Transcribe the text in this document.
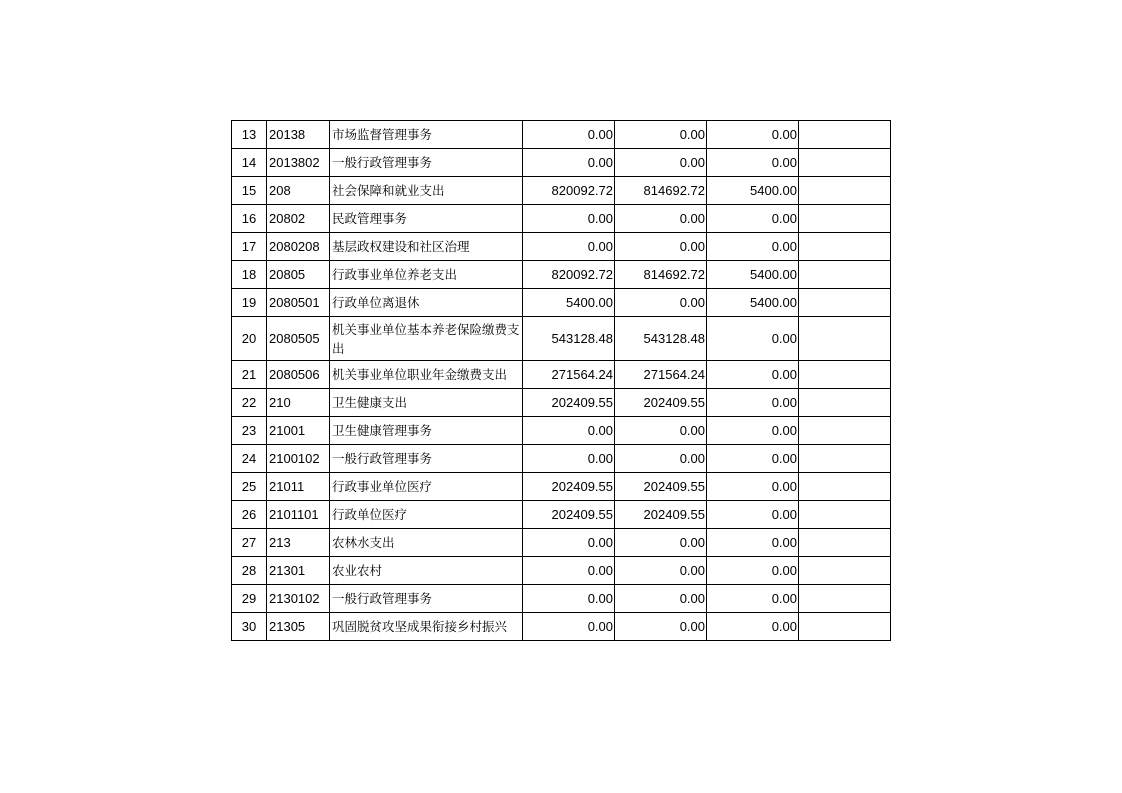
13	20138	市场监督管理事务	0.00	0.00	0.00	
14	2013802	一般行政管理事务	0.00	0.00	0.00	
15	208	社会保障和就业支出	820092.72	814692.72	5400.00	
16	20802	民政管理事务	0.00	0.00	0.00	
17	2080208	基层政权建设和社区治理	0.00	0.00	0.00	
18	20805	行政事业单位养老支出	820092.72	814692.72	5400.00	
19	2080501	行政单位离退休	5400.00	0.00	5400.00	
20	2080505	机关事业单位基本养老保险缴费支出	543128.48	543128.48	0.00	
21	2080506	机关事业单位职业年金缴费支出	271564.24	271564.24	0.00	
22	210	卫生健康支出	202409.55	202409.55	0.00	
23	21001	卫生健康管理事务	0.00	0.00	0.00	
24	2100102	一般行政管理事务	0.00	0.00	0.00	
25	21011	行政事业单位医疗	202409.55	202409.55	0.00	
26	2101101	行政单位医疗	202409.55	202409.55	0.00	
27	213	农林水支出	0.00	0.00	0.00	
28	21301	农业农村	0.00	0.00	0.00	
29	2130102	一般行政管理事务	0.00	0.00	0.00	
30	21305	巩固脱贫攻坚成果衔接乡村振兴	0.00	0.00	0.00	
